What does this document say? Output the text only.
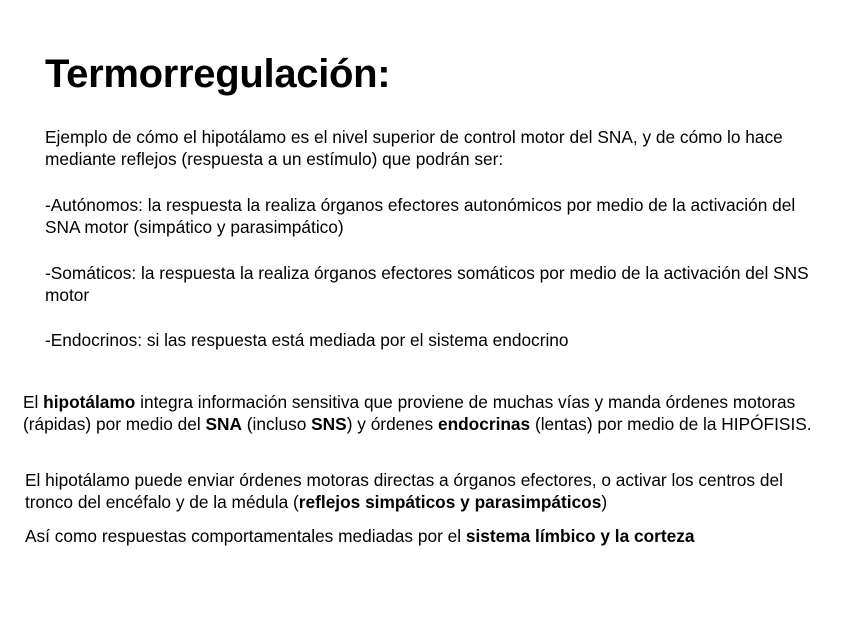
Termorregulación:

Ejemplo de cómo el hipotálamo es el nivel superior de control motor del SNA, y de cómo lo hace mediante reflejos (respuesta a un estímulo) que podrán ser:

-Autónomos: la respuesta la realiza órganos efectores autonómicos por medio de la activación del SNA motor (simpático y parasimpático)

-Somáticos: la respuesta la realiza órganos efectores somáticos por medio de la activación del SNS motor

-Endocrinos: si las respuesta está mediada por el sistema endocrino

El hipotálamo integra información sensitiva que proviene de muchas vías y manda órdenes motoras (rápidas) por medio del SNA (incluso SNS) y órdenes endocrinas (lentas) por medio de la HIPÓFISIS.

El hipotálamo puede enviar órdenes motoras directas a órganos efectores, o activar los centros del tronco del encéfalo y de la médula (reflejos simpáticos y parasimpáticos)

Así como respuestas comportamentales mediadas por el sistema límbico y la corteza
